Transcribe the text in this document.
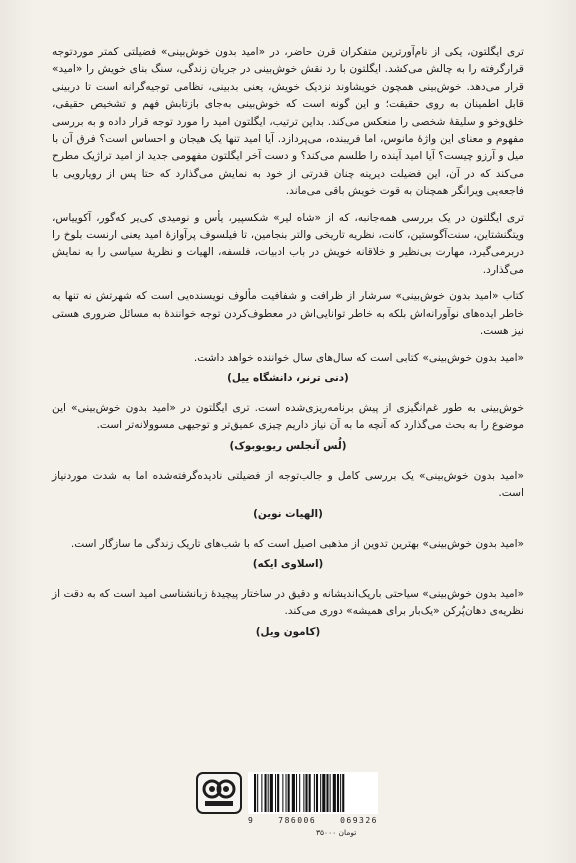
تری ایگلتون، یکی از نام‌آورترین متفکران قرن حاضر، در «امید بدون خوش‌بینی» فضیلتی کمتر موردتوجه قرارگرفته را به چالش می‌کشد. ایگلتون با رد نقش خوش‌بینی در جریان زندگی، سنگ بنای خویش را «امید» قرار می‌دهد. خوش‌بینی همچون خویشاوند نزدیک خویش، یعنی بدبینی، نظامی توجیه‌گرانه است تا دربینی قابل اطمینان به روی حقیقت؛ و این گونه است که خوش‌بینی به‌جای بازتابش فهم و تشخیص حقیقی، خلق‌وخو و سلیقهٔ شخصی را منعکس می‌کند. بداین ترتیب، ایگلتون امید را مورد توجه قرار داده و به بررسی مفهوم و معنای این واژهٔ مانوس، اما فریبنده، می‌پردازد. آیا امید تنها یک هیجان و احساس است؟ فرق آن با میل و آرزو چیست؟ آیا امید آینده را طلسم می‌کند؟ و دست آخر ایگلتون مفهومی جدید از امید تراژیک مطرح می‌کند که در آن، این فضیلت دیرینه چنان قدرتی از خود به نمایش می‌گذارد که حتا پس از رویارویی با فاجعه‌یی ویرانگر همچنان به قوت خویش باقی می‌ماند.

تری ایگلتون در یک بررسی همه‌جانبه، که از «شاه لیر» شکسپیر، یأس و نومیدی کی‌یر که‌گور، آکوییاس، ویتگنشتاین، سنت‌آگوستین، کانت، نظریه تاریخی والتر بنجامین، تا فیلسوف پرآوازهٔ امید یعنی ارنست بلوخ را دربرمی‌گیرد، مهارت بی‌نظیر و خلاقانه خویش در باب ادبیات، فلسفه، الهیات و نظریهٔ سیاسی را به نمایش می‌گذارد.

کتاب «امید بدون خوش‌بینی» سرشار از ظرافت و شفافیت مألوف نویسنده‌یی است که شهرتش نه تنها به خاطر ایده‌های نوآورانه‌اش بلکه به خاطر توانایی‌اش در معطوف‌کردن توجه خوانندهٔ به مسائل ضروری هستی نیز هست.

«امید بدون خوش‌بینی» کتابی است که سال‌های سال خواننده خواهد داشت.

(دنی ترنر، دانشگاه ییل)

خوش‌بینی به طور غم‌انگیزی از پیش برنامه‌ریزی‌شده است. تری ایگلتون در «امید بدون خوش‌بینی» این موضوع را به بحث می‌گذارد که آنچه ما به آن نیاز داریم چیزی عمیق‌تر و توجیهی مسوولانه‌تر است.

(لُس آنجلس ریویوبوک)

«امید بدون خوش‌بینی» یک بررسی کامل و جالب‌توجه از فضیلتی نادیده‌گرفته‌شده اما به شدت موردنیاز است.

(الهیات نوین)

«امید بدون خوش‌بینی» بهترین تدوین از مذهبی اصیل است که با شب‌های تاریک زندگی ما سازگار است.

(اسلاوی ایکه)

«امید بدون خوش‌بینی» سیاحتی باریک‌اندیشانه و دقیق در ساختار پیچیدهٔ زبانشناسی امید است که به دقت از نظریه‌ی دهان‌پُرکن «یک‌بار برای همیشه» دوری می‌کند.

(کامون ویل)
9	786006	069326
۳۵۰۰۰ تومان
